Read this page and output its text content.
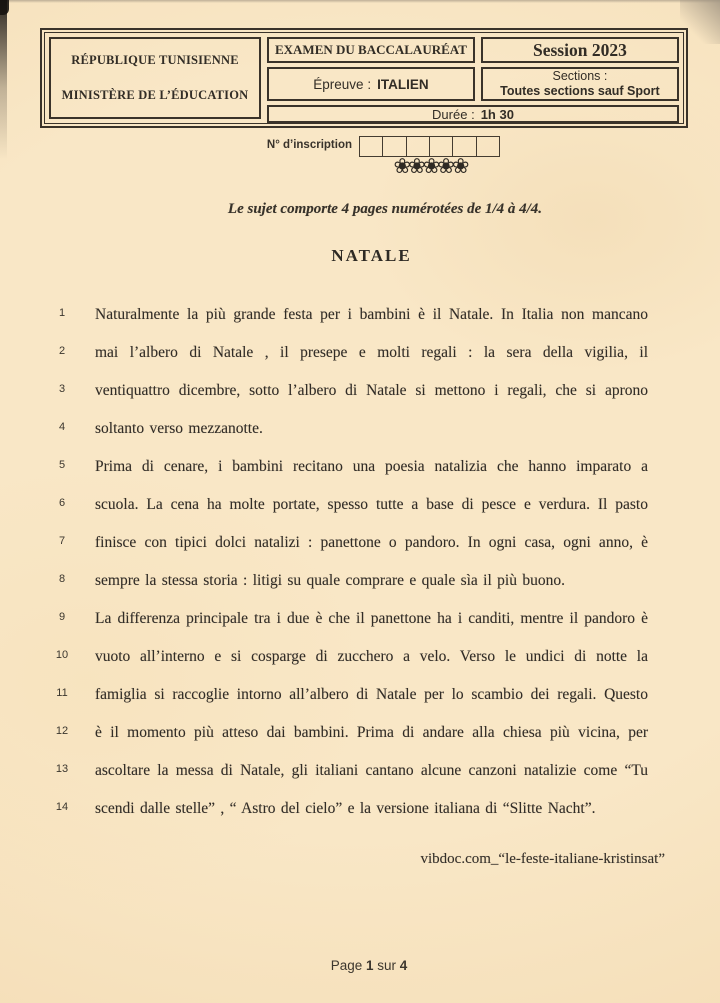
RÉPUBLIQUE TUNISIENNE
MINISTÈRE DE L’ÉDUCATION
EXAMEN DU BACCALAURÉAT	Session 2023
Épreuve : ITALIEN
Sections :
Toutes sections sauf Sport
Durée : 1h 30
N° d’inscription
❀❀❀❀❀
Le sujet comporte 4 pages numérotées de 1/4 à 4/4.
NATALE
1	Naturalmente la più grande festa per i bambini è il Natale. In Italia non mancano
2	mai l’albero di Natale , il presepe e molti regali : la sera della vigilia, il
3	ventiquattro dicembre, sotto l’albero di Natale si mettono i regali, che si aprono
4	soltanto verso mezzanotte.
5	Prima di cenare, i bambini recitano una poesia natalizia che hanno imparato a
6	scuola. La cena ha molte portate, spesso tutte a base di pesce e verdura. Il pasto
7	finisce con tipici dolci natalizi : panettone o pandoro. In ogni casa, ogni anno, è
8	sempre la stessa storia : litigi su quale comprare e quale sìa il più buono.
9	La differenza principale tra i due è che il panettone ha i canditi, mentre il pandoro è
10	vuoto all’interno e si cosparge di zucchero a velo. Verso le undici di notte la
11	famiglia si raccoglie intorno all’albero di Natale per lo scambio dei regali. Questo
12	è il momento più atteso dai bambini. Prima di andare alla chiesa più vicina, per
13	ascoltare la messa di Natale, gli italiani cantano alcune canzoni natalizie come “Tu
14	scendi dalle stelle” , “ Astro del cielo” e la versione italiana di “Slitte Nacht”.
vibdoc.com_“le-feste-italiane-kristinsat”
Page 1 sur 4
